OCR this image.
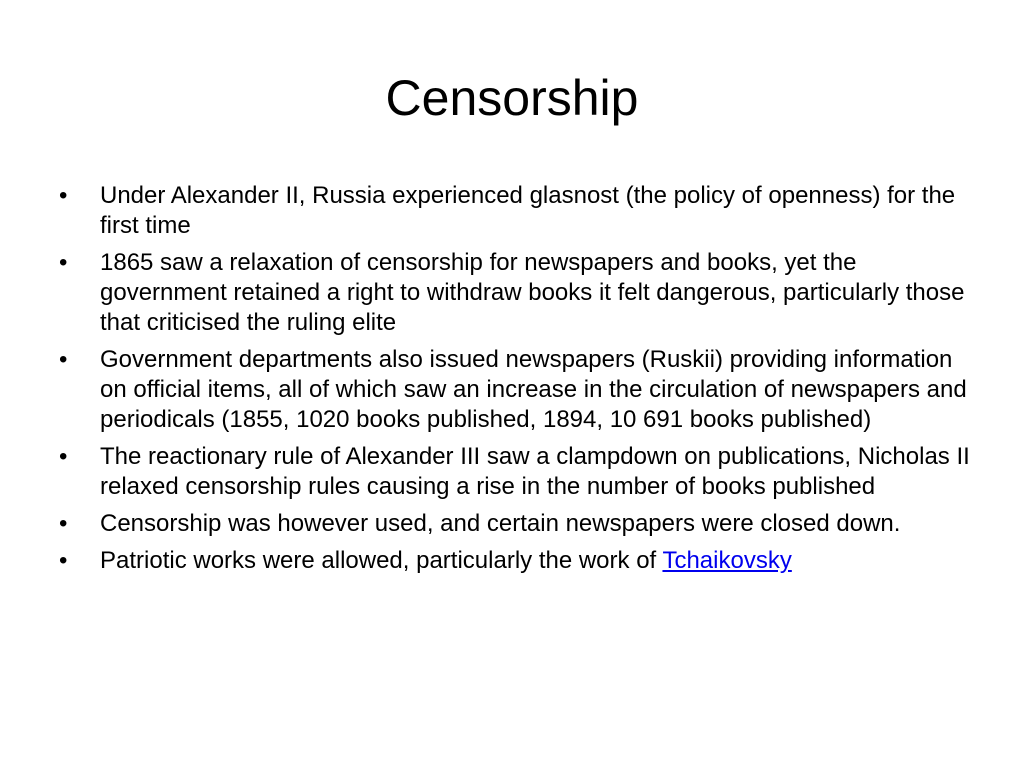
Censorship
•	Under Alexander II, Russia experienced glasnost (the policy of openness) for the first time
•	1865 saw a relaxation of censorship for newspapers and books, yet the government retained a right to withdraw books it felt dangerous, particularly those that criticised the ruling elite
•	Government departments also issued newspapers (Ruskii) providing information on official items, all of which saw an increase in the circulation of newspapers and periodicals (1855, 1020 books published, 1894, 10 691 books published)
•	The reactionary rule of Alexander III saw a clampdown on publications, Nicholas II relaxed censorship rules causing a rise in the number of books published
•	Censorship was however used, and certain newspapers were closed down.
•	Patriotic works were allowed, particularly the work of Tchaikovsky
